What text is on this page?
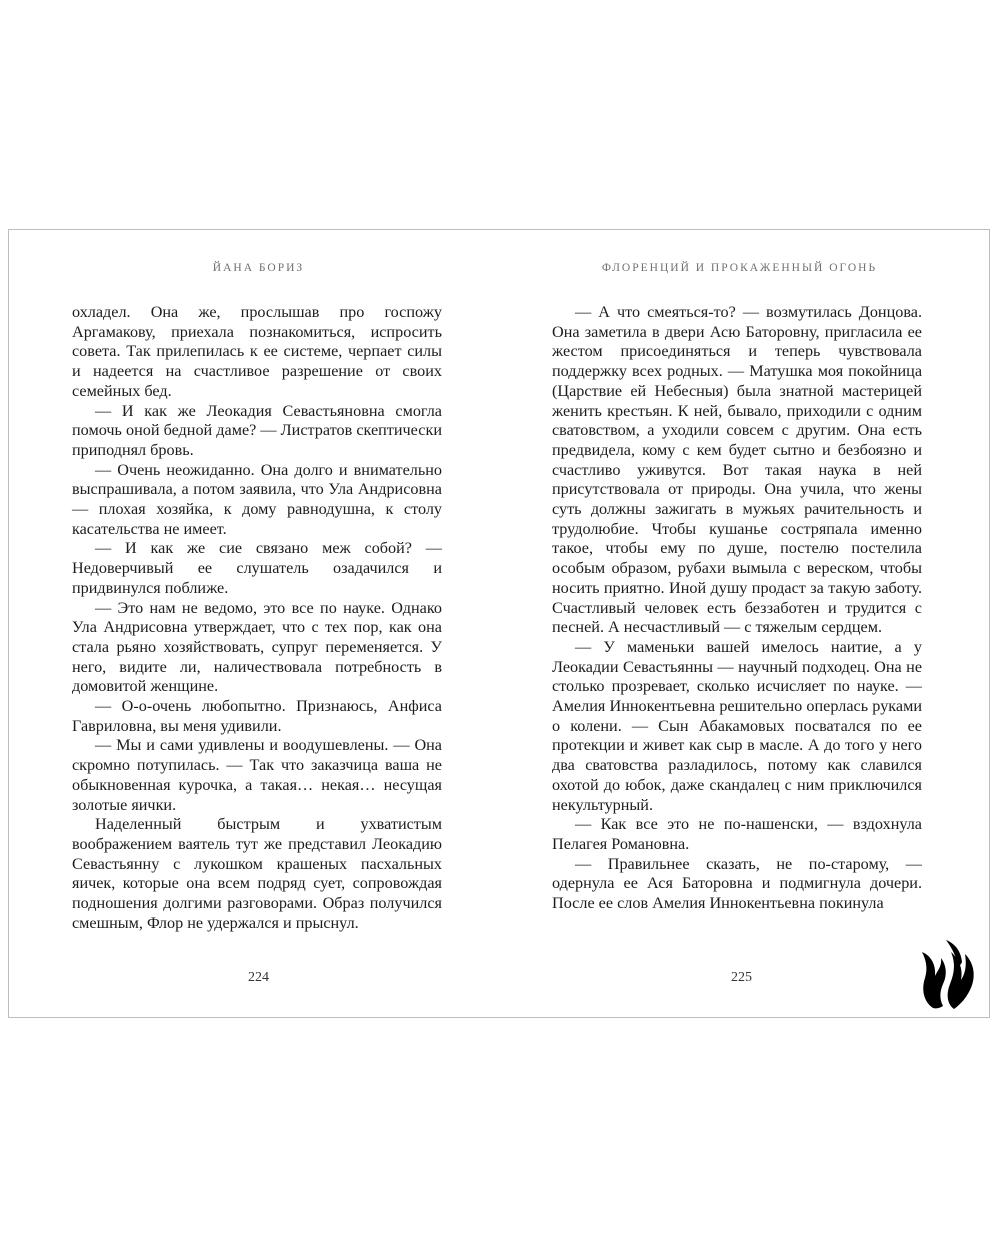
ЙАНА БОРИЗ

охладел. Она же, прослышав про госпожу Аргамакову, приехала познакомиться, испросить совета. Так прилепилась к ее системе, черпает силы и надеется на счастливое разрешение от своих семейных бед.

— И как же Леокадия Севастьяновна смогла помочь оной бедной даме? — Листратов скептически приподнял бровь.

— Очень неожиданно. Она долго и внимательно выспрашивала, а потом заявила, что Ула Андрисовна — плохая хозяйка, к дому равнодушна, к столу касательства не имеет.

— И как же сие связано меж собой? — Недоверчивый ее слушатель озадачился и придвинулся поближе.

— Это нам не ведомо, это все по науке. Однако Ула Андрисовна утверждает, что с тех пор, как она стала рьяно хозяйствовать, супруг переменяется. У него, видите ли, наличествовала потребность в домовитой женщине.

— О-о-очень любопытно. Признаюсь, Анфиса Гавриловна, вы меня удивили.

— Мы и сами удивлены и воодушевлены. — Она скромно потупилась. — Так что заказчица ваша не обыкновенная курочка, а такая… некая… несущая золотые яички.

Наделенный быстрым и ухватистым воображением ваятель тут же представил Леокадию Севастьянну с лукошком крашеных пасхальных яичек, которые она всем подряд сует, сопровождая подношения долгими разговорами. Образ получился смешным, Флор не удержался и прыснул.

224
ФЛОРЕНЦИЙ И ПРОКАЖЕННЫЙ ОГОНЬ

— А что смеяться-то? — возмутилась Донцова. Она заметила в двери Асю Баторовну, пригласила ее жестом присоединяться и теперь чувствовала поддержку всех родных. — Матушка моя покойница (Царствие ей Небесныя) была знатной мастерицей женить крестьян. К ней, бывало, приходили с одним сватовством, а уходили совсем с другим. Она есть предвидела, кому с кем будет сытно и безбоязно и счастливо уживутся. Вот такая наука в ней присутствовала от природы. Она учила, что жены суть должны зажигать в мужьях рачительность и трудолюбие. Чтобы кушанье состряпала именно такое, чтобы ему по душе, постелю постелила особым образом, рубахи вымыла с вереском, чтобы носить приятно. Иной душу продаст за такую заботу. Счастливый человек есть беззаботен и трудится с песней. А несчастливый — с тяжелым сердцем.

— У маменьки вашей имелось наитие, а у Леокадии Севастьянны — научный подходец. Она не столько прозревает, сколько исчисляет по науке. — Амелия Иннокентьевна решительно оперлась руками о колени. — Сын Абакамовых посватался по ее протекции и живет как сыр в масле. А до того у него два сватовства разладилось, потому как славился охотой до юбок, даже скандалец с ним приключился некультурный.

— Как все это не по-нашенски, — вздохнула Пелагея Романовна.

— Правильнее сказать, не по-старому, — одернула ее Ася Баторовна и подмигнула дочери. После ее слов Амелия Иннокентьевна покинула

225
